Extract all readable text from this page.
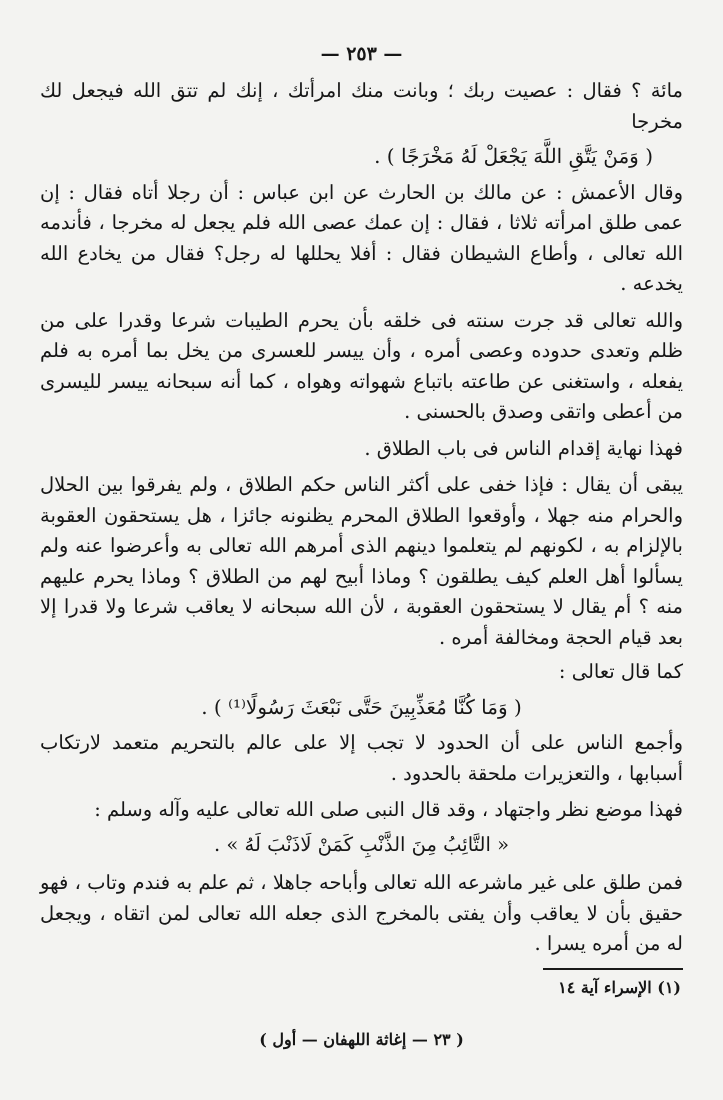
— ٢٥٣ —

مائة ؟ فقال : عصيت ربك ؛ وبانت منك امرأتك ، إنك لم تتق الله فيجعل لك مخرجا

( وَمَنْ يَتَّقِ اللَّهَ يَجْعَلْ لَهُ مَخْرَجًا ) .

وقال الأعمش : عن مالك بن الحارث عن ابن عباس : أن رجلا أتاه فقال : إن عمى طلق امرأته ثلاثا ، فقال : إن عمك عصى الله فلم يجعل له مخرجا ، فأندمه الله تعالى ، وأطاع الشيطان فقال : أفلا يحللها له رجل؟ فقال من يخادع الله يخدعه .

والله تعالى قد جرت سنته فى خلقه بأن يحرم الطيبات شرعا وقدرا على من ظلم وتعدى حدوده وعصى أمره ، وأن ييسر للعسرى من يخل بما أمره به فلم يفعله ، واستغنى عن طاعته باتباع شهواته وهواه ، كما أنه سبحانه ييسر لليسرى من أعطى واتقى وصدق بالحسنى .

فهذا نهاية إقدام الناس فى باب الطلاق .

يبقى أن يقال : فإذا خفى على أكثر الناس حكم الطلاق ، ولم يفرقوا بين الحلال والحرام منه جهلا ، وأوقعوا الطلاق المحرم يظنونه جائزا ، هل يستحقون العقوبة بالإلزام به ، لكونهم لم يتعلموا دينهم الذى أمرهم الله تعالى به وأعرضوا عنه ولم يسألوا أهل العلم كيف يطلقون ؟ وماذا أبيح لهم من الطلاق ؟ وماذا يحرم عليهم منه ؟ أم يقال لا يستحقون العقوبة ، لأن الله سبحانه لا يعاقب شرعا ولا قدرا إلا بعد قيام الحجة ومخالفة أمره .

كما قال تعالى :

( وَمَا كُنَّا مُعَذِّبِينَ حَتَّى نَبْعَثَ رَسُولًا⁽¹⁾ ) .

وأجمع الناس على أن الحدود لا تجب إلا على عالم بالتحريم متعمد لارتكاب أسبابها ، والتعزيرات ملحقة بالحدود .

فهذا موضع نظر واجتهاد ، وقد قال النبى صلى الله تعالى عليه وآله وسلم :

« التَّائِبُ مِنَ الذَّنْبِ كَمَنْ لَاذَنْبَ لَهُ » .

فمن طلق على غير ماشرعه الله تعالى وأباحه جاهلا ، ثم علم به فندم وتاب ، فهو حقيق بأن لا يعاقب وأن يفتى بالمخرج الذى جعله الله تعالى لمن اتقاه ، ويجعل له من أمره يسرا .

(١) الإسراء آية ١٤
( ٢٣ — إغاثة اللهفان — أول )
